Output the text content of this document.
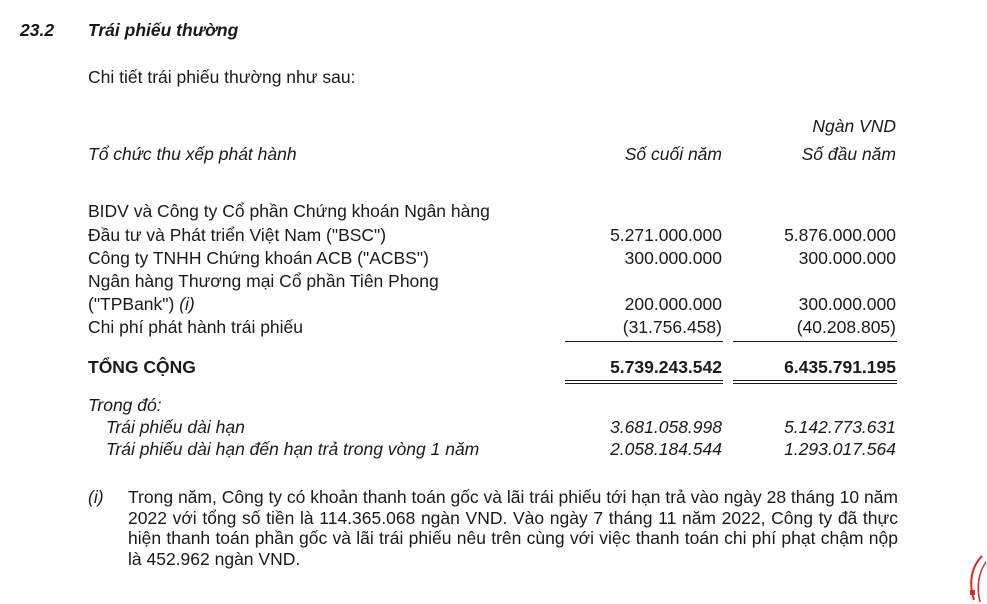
23.2 Trái phiếu thường
Chi tiết trái phiếu thường như sau:
Ngàn VND
Tổ chức thu xếp phát hành	Số cuối năm	Số đầu năm
BIDV và Công ty Cổ phần Chứng khoán Ngân hàng
Đầu tư và Phát triển Việt Nam ("BSC")	5.271.000.000	5.876.000.000
Công ty TNHH Chứng khoán ACB ("ACBS")	300.000.000	300.000.000
Ngân hàng Thương mại Cổ phần Tiên Phong
("TPBank") (i)	200.000.000	300.000.000
Chi phí phát hành trái phiếu	(31.756.458)	(40.208.805)
TỔNG CỘNG	5.739.243.542	6.435.791.195
Trong đó:
Trái phiếu dài hạn	3.681.058.998	5.142.773.631
Trái phiếu dài hạn đến hạn trả trong vòng 1 năm	2.058.184.544	1.293.017.564
(i) Trong năm, Công ty có khoản thanh toán gốc và lãi trái phiếu tới hạn trả vào ngày 28 tháng 10 năm 2022 với tổng số tiền là 114.365.068 ngàn VND. Vào ngày 7 tháng 11 năm 2022, Công ty đã thực hiện thanh toán phần gốc và lãi trái phiếu nêu trên cùng với việc thanh toán chi phí phạt chậm nộp là 452.962 ngàn VND.
